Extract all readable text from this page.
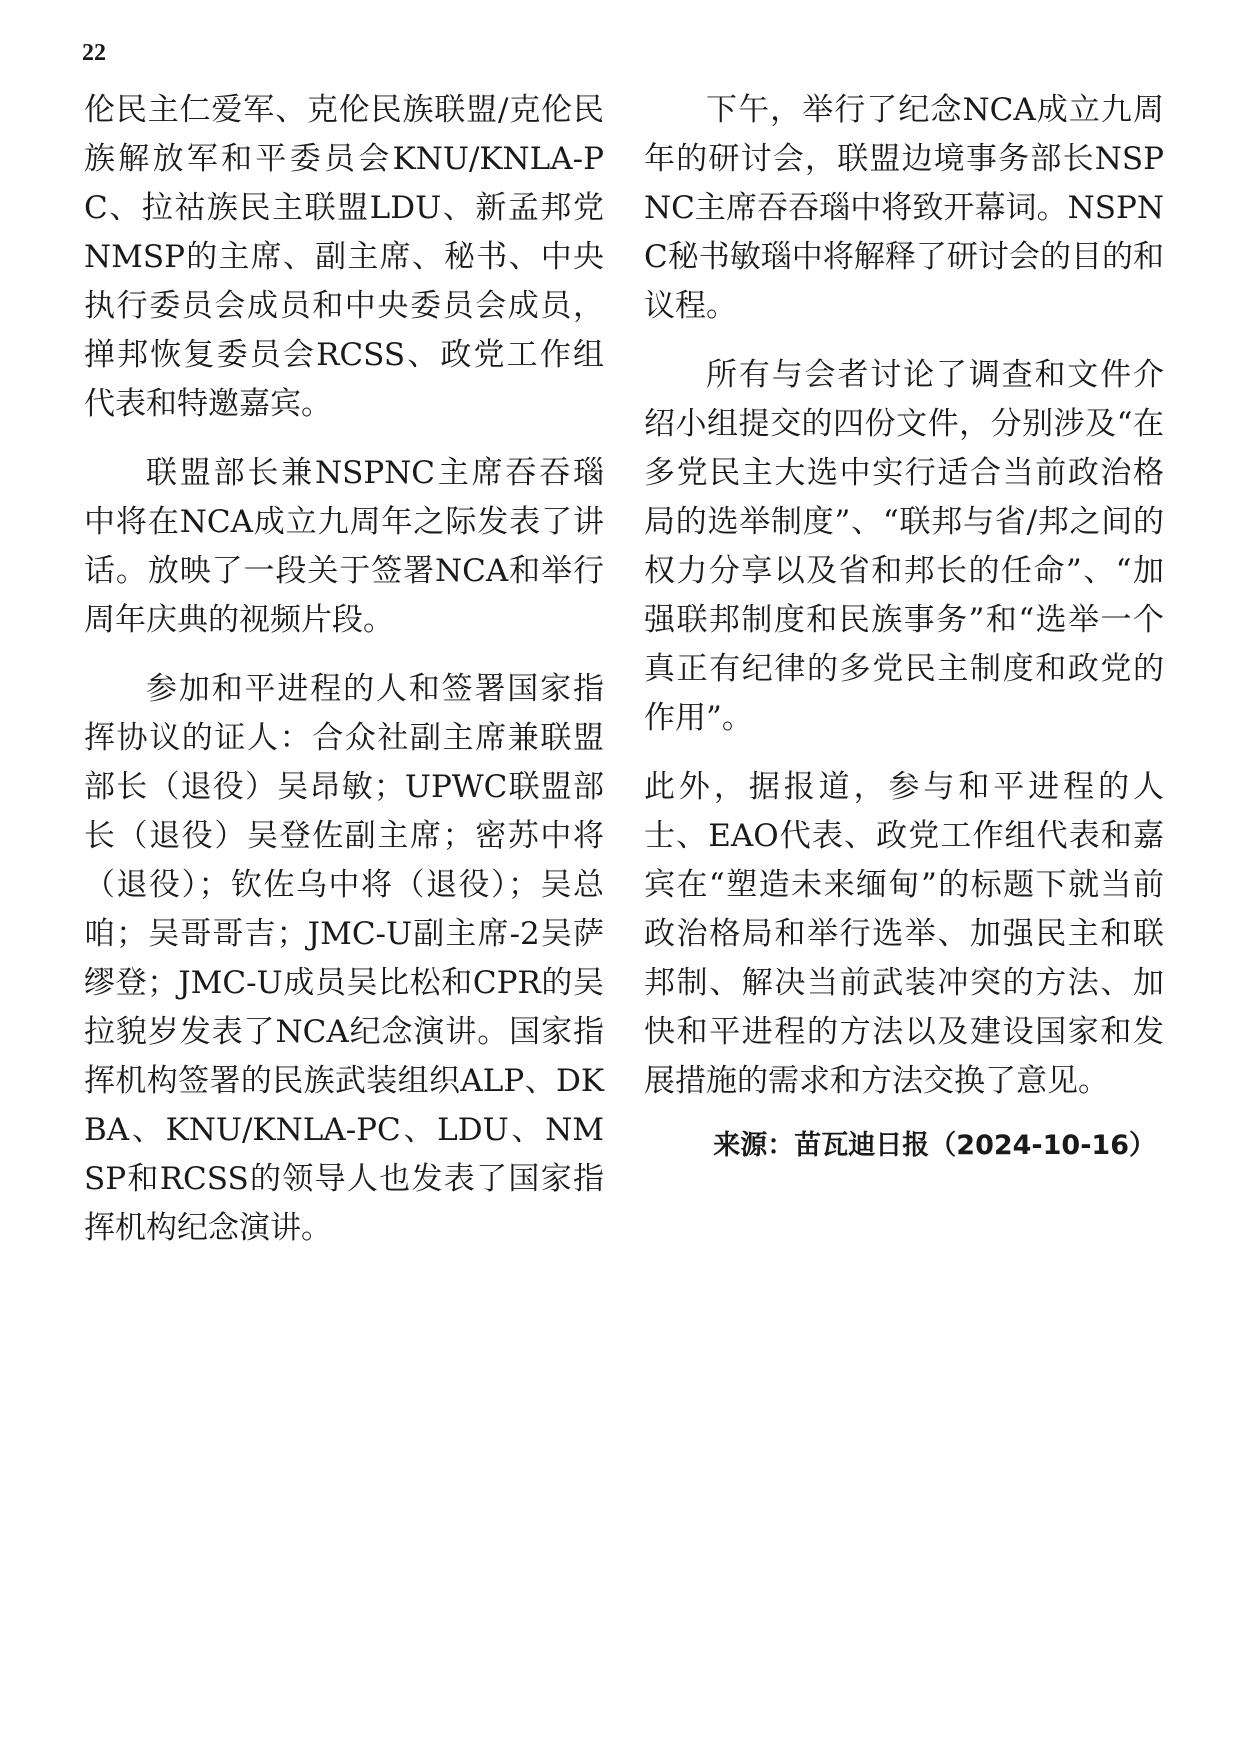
22

伦民主仁爱军、克伦民族联盟/克伦民族解放军和平委员会KNU/KNLA-PC、拉祜族民主联盟LDU、新孟邦党NMSP的主席、副主席、秘书、中央执行委员会成员和中央委员会成员，掸邦恢复委员会RCSS、政党工作组代表和特邀嘉宾。

联盟部长兼NSPNC主席吞吞瑙中将在NCA成立九周年之际发表了讲话。放映了一段关于签署NCA和举行周年庆典的视频片段。

参加和平进程的人和签署国家指挥协议的证人：合众社副主席兼联盟部长（退役）吴昂敏；UPWC联盟部长（退役）吴登佐副主席；密苏中将（退役）；钦佐乌中将（退役）；吴总咱；吴哥哥吉；JMC-U副主席-2吴萨缪登；JMC-U成员吴比松和CPR的吴拉貌岁发表了NCA纪念演讲。国家指挥机构签署的民族武装组织ALP、DKBA、KNU/KNLA-PC、LDU、NMSP和RCSS的领导人也发表了国家指挥机构纪念演讲。

下午，举行了纪念NCA成立九周年的研讨会，联盟边境事务部长NSPNC主席吞吞瑙中将致开幕词。NSPNC秘书敏瑙中将解释了研讨会的目的和议程。

所有与会者讨论了调查和文件介绍小组提交的四份文件，分别涉及“在多党民主大选中实行适合当前政治格局的选举制度”、“联邦与省/邦之间的权力分享以及省和邦长的任命”、“加强联邦制度和民族事务”和“选举一个真正有纪律的多党民主制度和政党的作用”。

此外，据报道，参与和平进程的人士、EAO代表、政党工作组代表和嘉宾在“塑造未来缅甸”的标题下就当前政治格局和举行选举、加强民主和联邦制、解决当前武装冲突的方法、加快和平进程的方法以及建设国家和发展措施的需求和方法交换了意见。

来源：苗瓦迪日报（2024-10-16）
